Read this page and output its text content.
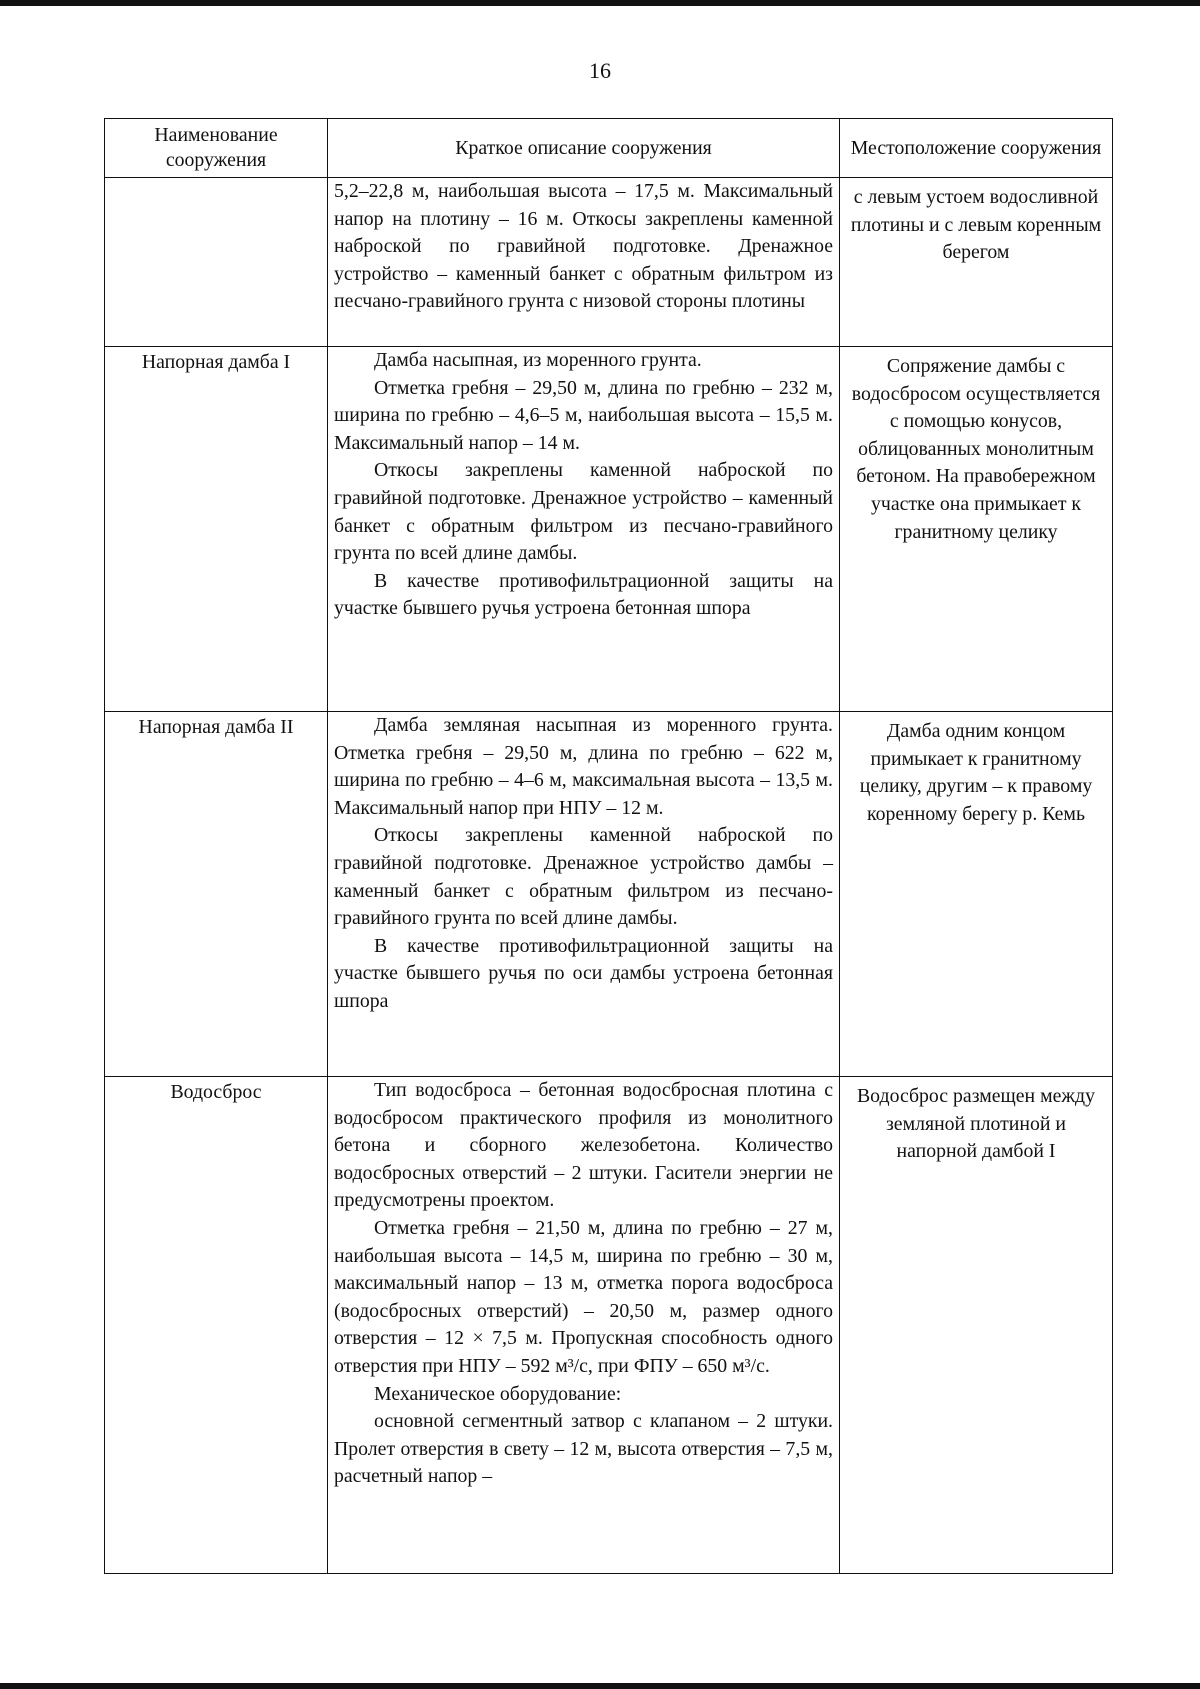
16
Наименование сооружения	Краткое описание сооружения	Местоположение сооружения

	5,2–22,8 м, наибольшая высота – 17,5 м. Максимальный напор на плотину – 16 м. Откосы закреплены каменной наброской по гравийной подготовке. Дренажное устройство – каменный банкет с обратным фильтром из песчано-гравийного грунта с низовой стороны плотины	с левым устоем водосливной плотины и с левым коренным берегом
Напорная дамба I	Дамба насыпная, из моренного грунта.

Отметка гребня – 29,50 м, длина по гребню – 232 м, ширина по гребню – 4,6–5 м, наибольшая высота – 15,5 м. Максимальный напор – 14 м.

Откосы закреплены каменной наброской по гравийной подготовке. Дренажное устройство – каменный банкет с обратным фильтром из песчано-гравийного грунта по всей длине дамбы.

В качестве противофильтрационной защиты на участке бывшего ручья устроена бетонная шпора	Сопряжение дамбы с водосбросом осуществляется с помощью конусов, облицованных монолитным бетоном. На правобережном участке она примыкает к гранитному целику
Напорная дамба II	Дамба земляная насыпная из моренного грунта. Отметка гребня – 29,50 м, длина по гребню – 622 м, ширина по гребню – 4–6 м, максимальная высота – 13,5 м. Максимальный напор при НПУ – 12 м.

Откосы закреплены каменной наброской по гравийной подготовке. Дренажное устройство дамбы – каменный банкет с обратным фильтром из песчано-гравийного грунта по всей длине дамбы.

В качестве противофильтрационной защиты на участке бывшего ручья по оси дамбы устроена бетонная шпора	Дамба одним концом примыкает к гранитному целику, другим – к правому коренному берегу р. Кемь
Водосброс	Тип водосброса – бетонная водосбросная плотина с водосбросом практического профиля из монолитного бетона и сборного железобетона. Количество водосбросных отверстий – 2 штуки. Гасители энергии не предусмотрены проектом.

Отметка гребня – 21,50 м, длина по гребню – 27 м, наибольшая высота – 14,5 м, ширина по гребню – 30 м, максимальный напор – 13 м, отметка порога водосброса (водосбросных отверстий) – 20,50 м, размер одного отверстия – 12 × 7,5 м. Пропускная способность одного отверстия при НПУ – 592 м³/с, при ФПУ – 650 м³/с.

Механическое оборудование:

основной сегментный затвор с клапаном – 2 штуки. Пролет отверстия в свету – 12 м, высота отверстия – 7,5 м, расчетный напор –	Водосброс размещен между земляной плотиной и напорной дамбой I
